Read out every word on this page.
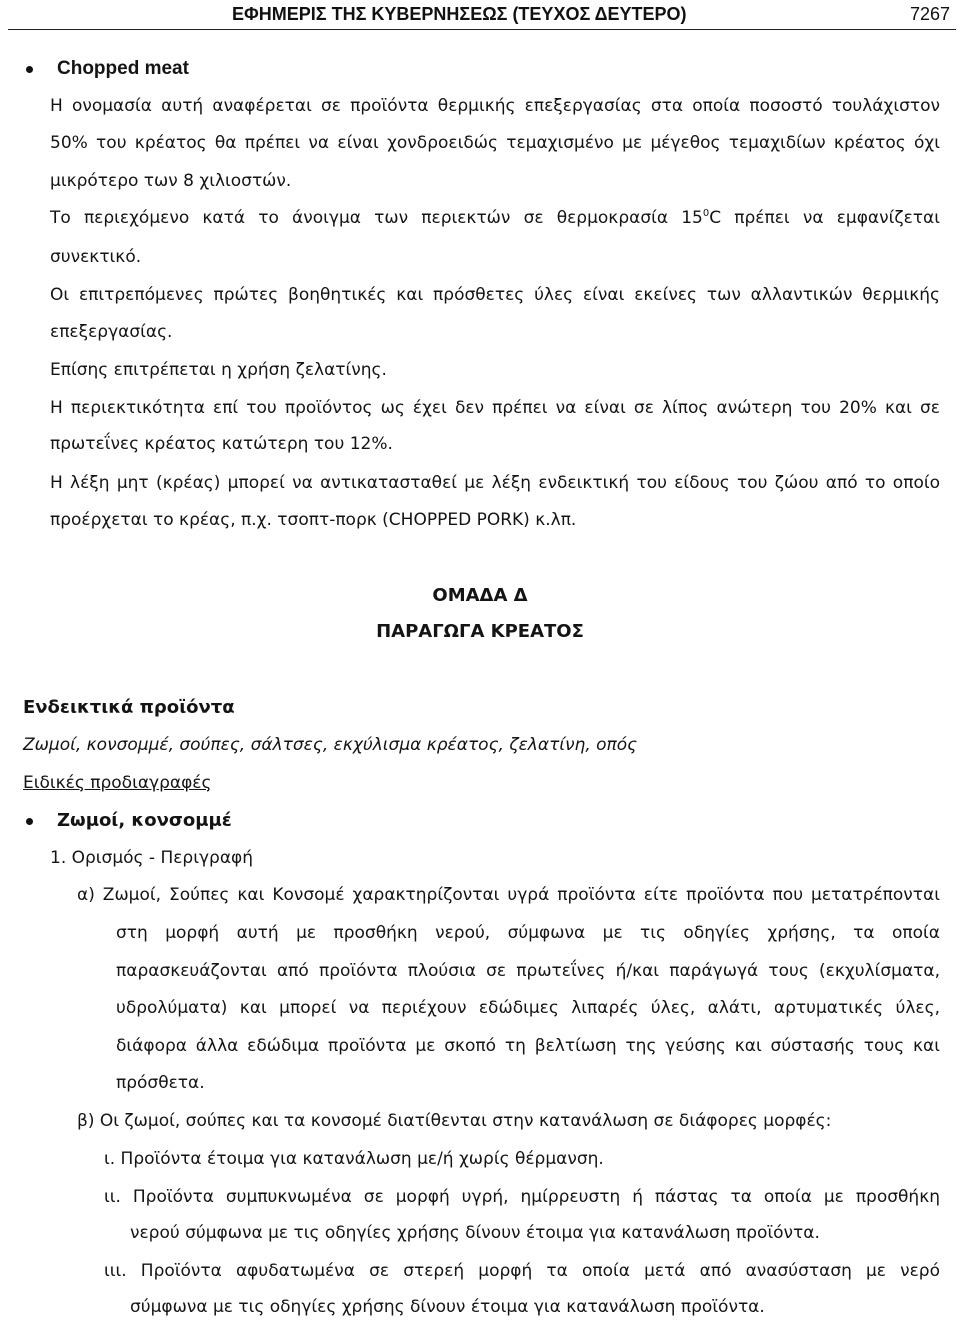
ΕΦΗΜΕΡΙΣ ΤΗΣ ΚΥΒΕΡΝΗΣΕΩΣ (ΤΕΥΧΟΣ ΔΕΥΤΕΡΟ)	7267
Chopped meat
Η ονομασία αυτή αναφέρεται σε προϊόντα θερμικής επεξεργασίας στα οποία ποσοστό τουλάχιστον
50% του κρέατος θα πρέπει να είναι χονδροειδώς τεμαχισμένο με μέγεθος τεμαχιδίων κρέατος όχι
μικρότερο των 8 χιλιοστών.
Το περιεχόμενο κατά το άνοιγμα των περιεκτών σε θερμοκρασία $15^0C$ πρέπει να εμφανίζεται
συνεκτικό.
Οι επιτρεπόμενες πρώτες βοηθητικές και πρόσθετες ύλες είναι εκείνες των αλλαντικών θερμικής
επεξεργασίας.
Επίσης επιτρέπεται η χρήση ζελατίνης.
Η περιεκτικότητα επί του προϊόντος ως έχει δεν πρέπει να είναι σε λίπος ανώτερη του 20% και σε
πρωτεΐνες κρέατος κατώτερη του 12%.
Η λέξη μητ (κρέας) μπορεί να αντικατασταθεί με λέξη ενδεικτική του είδους του ζώου από το οποίο
προέρχεται το κρέας, π.χ. τσοπτ-πορκ (CHOPPED PORK) κ.λπ.
ΟΜΑΔΑ Δ
ΠΑΡΑΓΩΓΑ ΚΡΕΑΤΟΣ
Ενδεικτικά προϊόντα
Ζωμοί, κονσομμέ, σούπες, σάλτσες, εκχύλισμα κρέατος, ζελατίνη, οπός
Ειδικές προδιαγραφές
Ζωμοί, κονσομμέ
1. Ορισμός - Περιγραφή
α) Ζωμοί, Σούπες και Κονσομέ χαρακτηρίζονται υγρά προϊόντα είτε προϊόντα που μετατρέπονται
στη μορφή αυτή με προσθήκη νερού, σύμφωνα με τις οδηγίες χρήσης, τα οποία
παρασκευάζονται από προϊόντα πλούσια σε πρωτεΐνες ή/και παράγωγά τους (εκχυλίσματα,
υδρολύματα) και μπορεί να περιέχουν εδώδιμες λιπαρές ύλες, αλάτι, αρτυματικές ύλες,
διάφορα άλλα εδώδιμα προϊόντα με σκοπό τη βελτίωση της γεύσης και σύστασής τους και
πρόσθετα.
β) Οι ζωμοί, σούπες και τα κονσομέ διατίθενται στην κατανάλωση σε διάφορες μορφές:
ι. Προϊόντα έτοιμα για κατανάλωση με/ή χωρίς θέρμανση.
ιι. Προϊόντα συμπυκνωμένα σε μορφή υγρή, ημίρρευστη ή πάστας τα οποία με προσθήκη
νερού σύμφωνα με τις οδηγίες χρήσης δίνουν έτοιμα για κατανάλωση προϊόντα.
ιιι. Προϊόντα αφυδατωμένα σε στερεή μορφή τα οποία μετά από ανασύσταση με νερό
σύμφωνα με τις οδηγίες χρήσης δίνουν έτοιμα για κατανάλωση προϊόντα.
